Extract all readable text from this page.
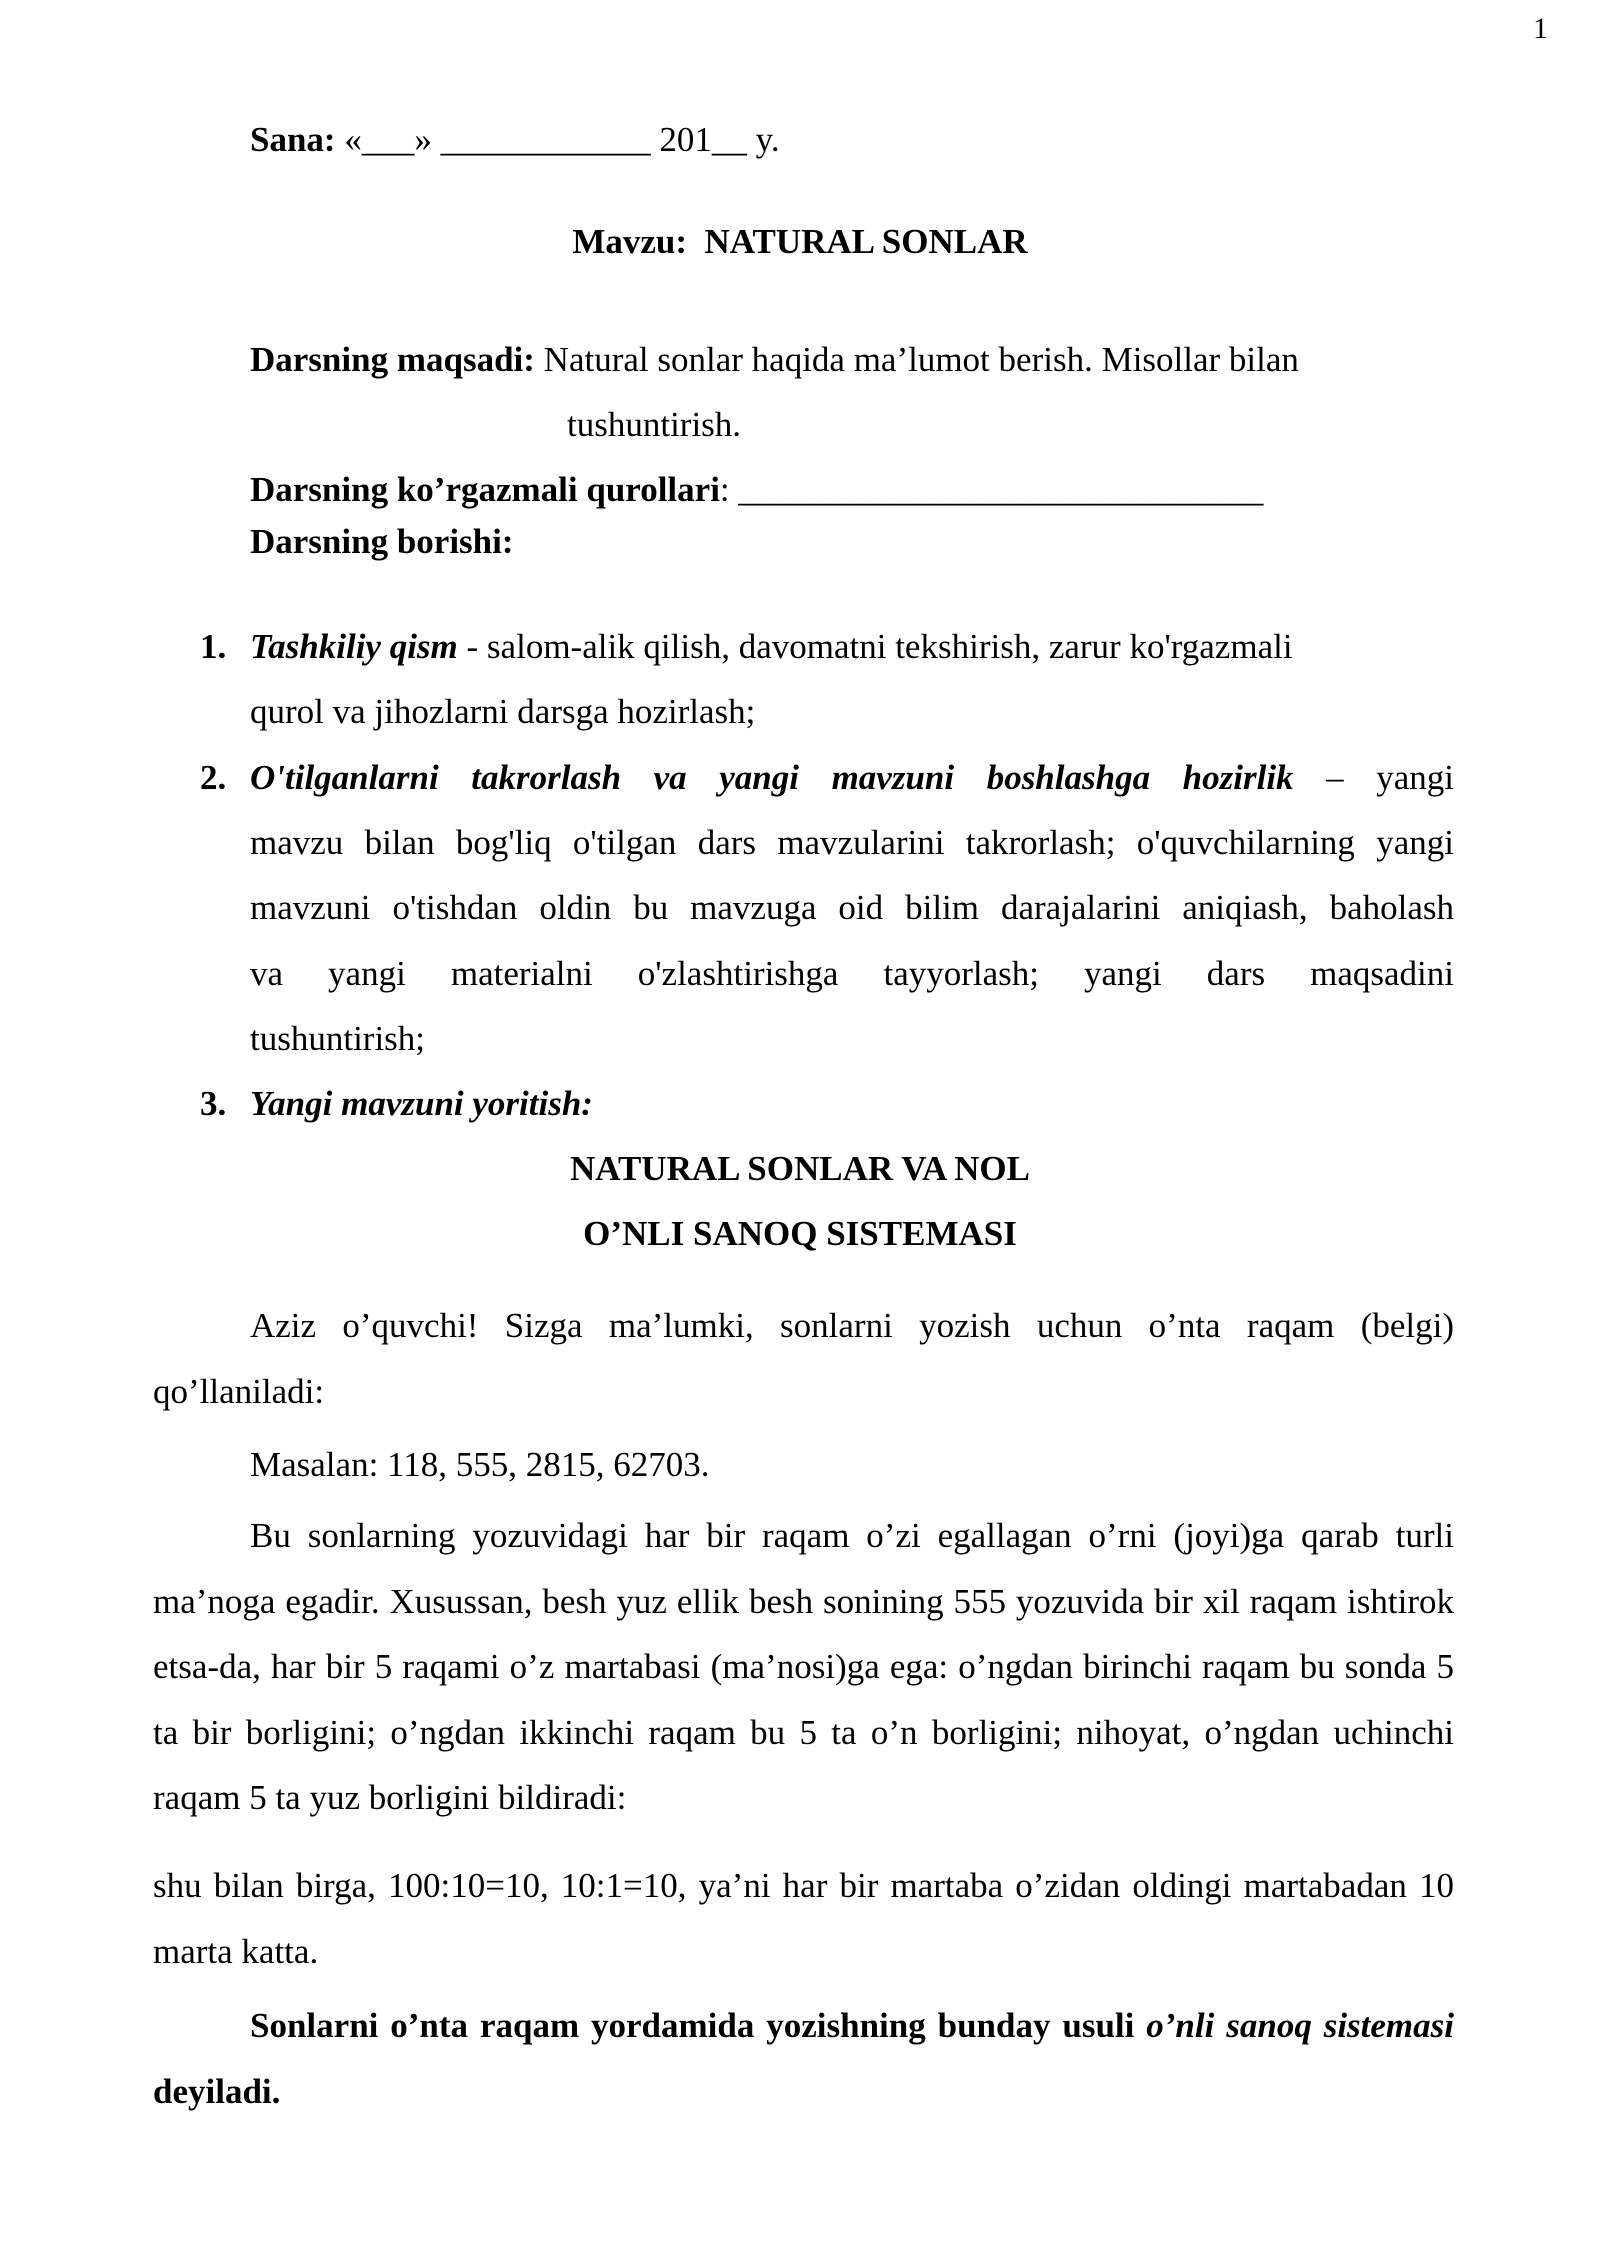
1
Sana: «___» ____________ 201__ y.
Mavzu: NATURAL SONLAR
Darsning maqsadi: Natural sonlar haqida ma’lumot berish. Misollar bilan
tushuntirish.
Darsning ko’rgazmali qurollari: ______________________________
Darsning borishi:
1. Tashkiliy qism - salom-alik qilish, davomatni tekshirish, zarur ko'rgazmali
qurol va jihozlarni darsga hozirlash;
2. O'tilganlarni takrorlash va yangi mavzuni boshlashga hozirlik – yangi
mavzu bilan bog'liq o'tilgan dars mavzularini takrorlash; o'quvchilarning yangi
mavzuni o'tishdan oldin bu mavzuga oid bilim darajalarini aniqiash, baholash
va yangi materialni o'zlashtirishga tayyorlash; yangi dars maqsadini
tushuntirish;
3. Yangi mavzuni yoritish:
NATURAL SONLAR VA NOL
O’NLI SANOQ SISTEMASI
Aziz o’quvchi! Sizga ma’lumki, sonlarni yozish uchun o’nta raqam (belgi) qo’llaniladi:
Masalan: 118, 555, 2815, 62703.
Bu sonlarning yozuvidagi har bir raqam o’zi egallagan o’rni (joyi)ga qarab turli ma’noga egadir. Xusussan, besh yuz ellik besh sonining 555 yozuvida bir xil raqam ishtirok etsa-da, har bir 5 raqami o’z martabasi (ma’nosi)ga ega: o’ngdan birinchi raqam bu sonda 5 ta bir borligini; o’ngdan ikkinchi raqam bu 5 ta o’n borligini; nihoyat, o’ngdan uchinchi raqam 5 ta yuz borligini bildiradi:
shu bilan birga, 100:10=10, 10:1=10, ya’ni har bir martaba o’zidan oldingi martabadan 10 marta katta.
Sonlarni o’nta raqam yordamida yozishning bunday usuli o’nli sanoq sistemasi deyiladi.
